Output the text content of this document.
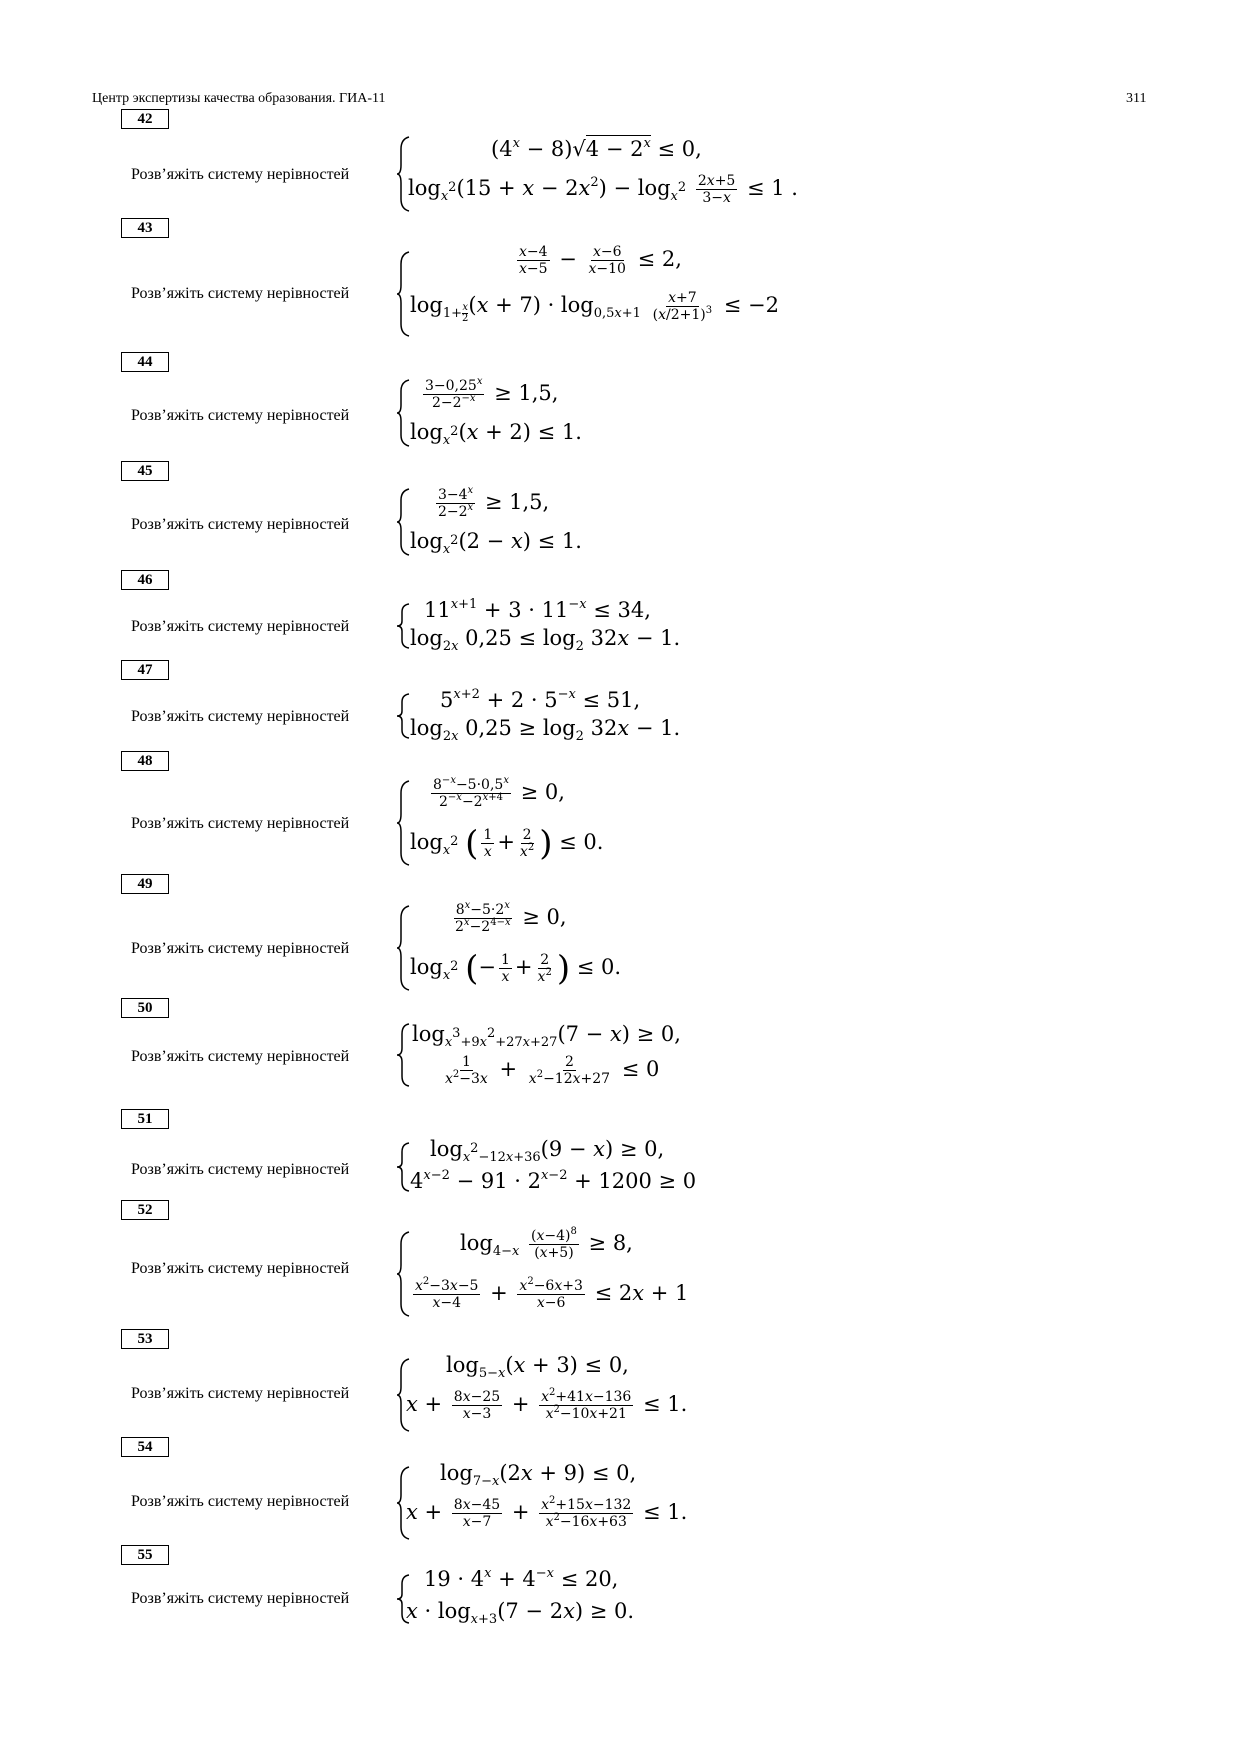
Центр экспертизы качества образования. ГИА-11	311
42
Розв’яжіть систему нерівностей
$(4^x - 8)√4 - 2^x \le 0$,
$\log_{x^2}(15 + x - 2x^2) - \log_{x^2} \frac{2x+5}{3-x} \le 1$ .
43
Розв’яжіть систему нерівностей
$\frac{x-4}{x-5} - \frac{x-6}{x-10} \le 2$,
$\log_{1+ \frac{x}{2}} (x + 7) \cdot \log_{0,5x+1} \frac{x+7}{(x/2+1)^3} \le -2$
44
Розв’яжіть систему нерівностей
$\frac{3-0,25^x}{2-2^{-x}} \ge 1,5$,
$\log_{x^2}(x + 2) \le 1$.
45
Розв’яжіть систему нерівностей
$\frac{3-4^x}{2-2^x} \ge 1,5$,
$\log_{x^2}(2 - x) \le 1$.
46
Розв’яжіть систему нерівностей
$11^{x+1} + 3 \cdot 11^{-x} \le 34$,
$\log_{2x} 0,25 \le \log_2 32x - 1$.
47
Розв’яжіть систему нерівностей
$5^{x+2} + 2 \cdot 5^{-x} \le 51$,
$\log_{2x} 0,25 \ge \log_2 32x - 1$.
48
Розв’яжіть систему нерівностей
$\frac{8^{-x}-5\cdot 0,5^x}{2^{-x}-2^{x+4}} \ge 0$,
$\log_{x^2}$ ( $\frac{1}{x} + \frac{2}{x^2}$ ) ≤ 0.
49
Розв’яжіть систему нерівностей
$\frac{8^x-5\cdot 2^x}{2^x-2^{4-x}} \ge 0$,
$\log_{x^2}$ (− $\frac{1}{x} + \frac{2}{x^2}$ ) ≤ 0.
50
Розв’яжіть систему нерівностей
$\log_{x^3+9x^2+27x+27}(7 - x) \ge 0$,
$\frac{1}{x^2-3x} + \frac{2}{x^2-12x+27} \le 0$
51
Розв’яжіть систему нерівностей
$\log_{x^2-12x+36}(9 - x) \ge 0$,
$4^{x-2} - 91 \cdot 2^{x-2} + 1200 \ge 0$
52
Розв’яжіть систему нерівностей
$\log_{4-x} \frac{(x-4)^8}{(x+5)} \ge 8$,
$\frac{x^2-3x-5}{x-4} + \frac{x^2-6x+3}{x-6} \le 2x + 1$
53
Розв’яжіть систему нерівностей
$\log_{5-x}(x + 3) \le 0$,
$x + \frac{8x-25}{x-3} + \frac{x^2+41x-136}{x^2-10x+21} \le 1$.
54
Розв’яжіть систему нерівностей
$\log_{7-x}(2x + 9) \le 0$,
$x + \frac{8x-45}{x-7} + \frac{x^2+15x-132}{x^2-16x+63} \le 1$.
55
Розв’яжіть систему нерівностей
$19 \cdot 4^x + 4^{-x} \le 20$,
$x \cdot \log_{x+3}(7 - 2x) \ge 0$.
